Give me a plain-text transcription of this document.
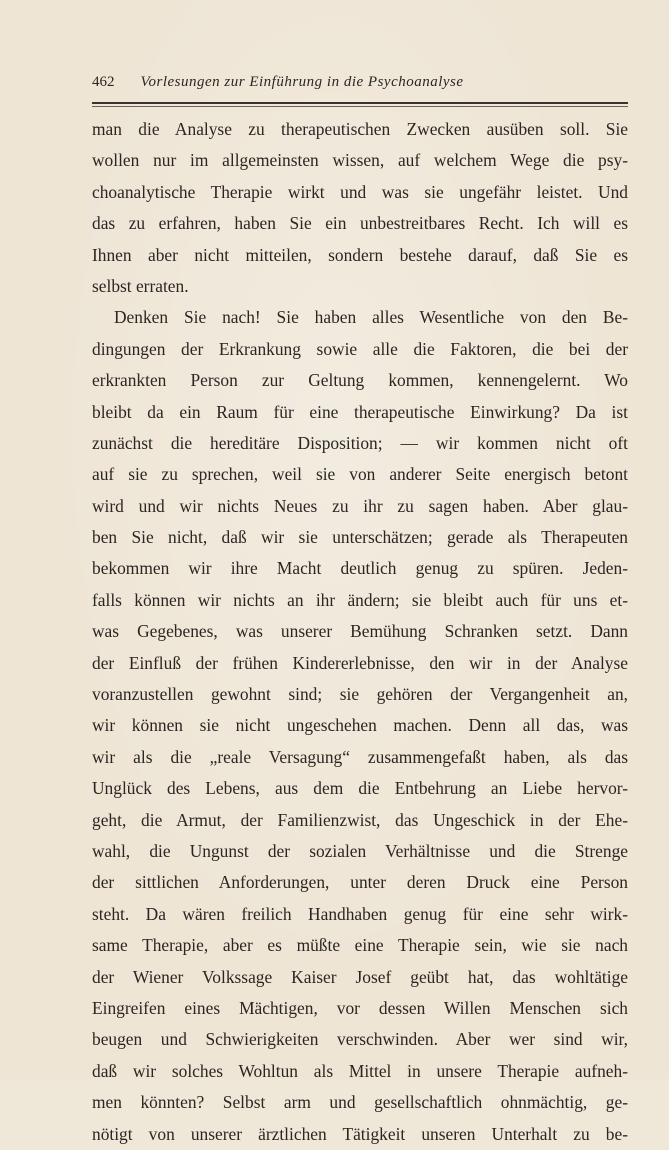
462 Vorlesungen zur Einführung in die Psychoanalyse
man die Analyse zu therapeutischen Zwecken ausüben soll. Sie
wollen nur im allgemeinsten wissen, auf welchem Wege die psy-
choanalytische Therapie wirkt und was sie ungefähr leistet. Und
das zu erfahren, haben Sie ein unbestreitbares Recht. Ich will es
Ihnen aber nicht mitteilen, sondern bestehe darauf, daß Sie es
selbst erraten.
Denken Sie nach! Sie haben alles Wesentliche von den Be-
dingungen der Erkrankung sowie alle die Faktoren, die bei der
erkrankten Person zur Geltung kommen, kennengelernt. Wo
bleibt da ein Raum für eine therapeutische Einwirkung? Da ist
zunächst die hereditäre Disposition; — wir kommen nicht oft
auf sie zu sprechen, weil sie von anderer Seite energisch betont
wird und wir nichts Neues zu ihr zu sagen haben. Aber glau-
ben Sie nicht, daß wir sie unterschätzen; gerade als Therapeuten
bekommen wir ihre Macht deutlich genug zu spüren. Jeden-
falls können wir nichts an ihr ändern; sie bleibt auch für uns et-
was Gegebenes, was unserer Bemühung Schranken setzt. Dann
der Einfluß der frühen Kindererlebnisse, den wir in der Analyse
voranzustellen gewohnt sind; sie gehören der Vergangenheit an,
wir können sie nicht ungeschehen machen. Denn all das, was
wir als die „reale Versagung“ zusammengefaßt haben, als das
Unglück des Lebens, aus dem die Entbehrung an Liebe hervor-
geht, die Armut, der Familienzwist, das Ungeschick in der Ehe-
wahl, die Ungunst der sozialen Verhältnisse und die Strenge
der sittlichen Anforderungen, unter deren Druck eine Person
steht. Da wären freilich Handhaben genug für eine sehr wirk-
same Therapie, aber es müßte eine Therapie sein, wie sie nach
der Wiener Volkssage Kaiser Josef geübt hat, das wohltätige
Eingreifen eines Mächtigen, vor dessen Willen Menschen sich
beugen und Schwierigkeiten verschwinden. Aber wer sind wir,
daß wir solches Wohltun als Mittel in unsere Therapie aufneh-
men könnten? Selbst arm und gesellschaftlich ohnmächtig, ge-
nötigt von unserer ärztlichen Tätigkeit unseren Unterhalt zu be-
